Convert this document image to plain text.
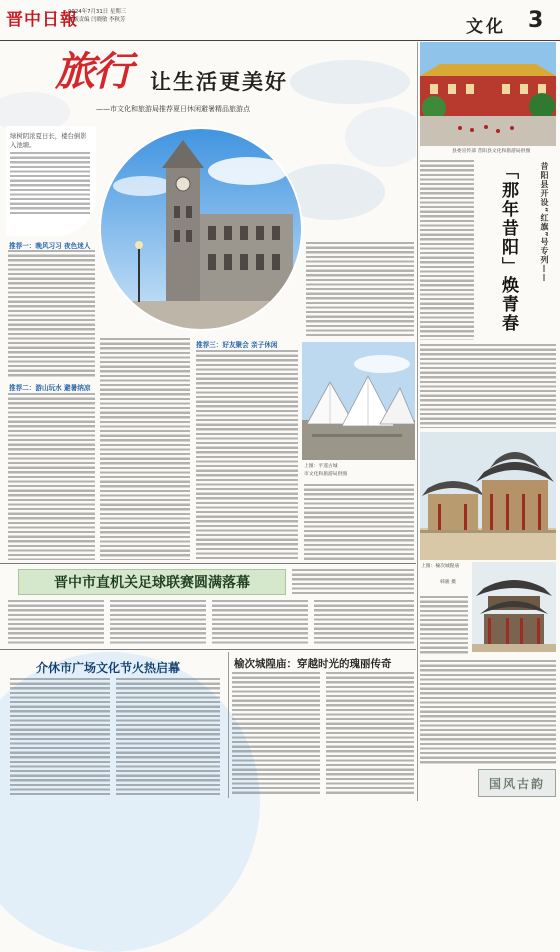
晋中日報
2024年7月31日 星期三
本版责编 闫晓敏 李秋芳	文化 3
旅行 让生活更美好
——市文化和旅游局推荐夏日休闲避暑精品旅游点
绿树阴浓夏日长，楼台倒影入池塘。
推荐一：晚风习习 夜色迷人
推荐二：游山玩水 避暑纳凉
推荐三：好友聚会 亲子休闲
上图：平遥古城
市文化和旅游局供图
县委宣传部 昔阳县文化和旅游局供图
昔阳县开设“红旗”号专列——
「那年昔阳」焕青春
上图：榆次城隍庙
韩骏 摄
国风古韵
晋中市直机关足球联赛圆满落幕
介休市广场文化节火热启幕	榆次城隍庙：穿越时光的瑰丽传奇
